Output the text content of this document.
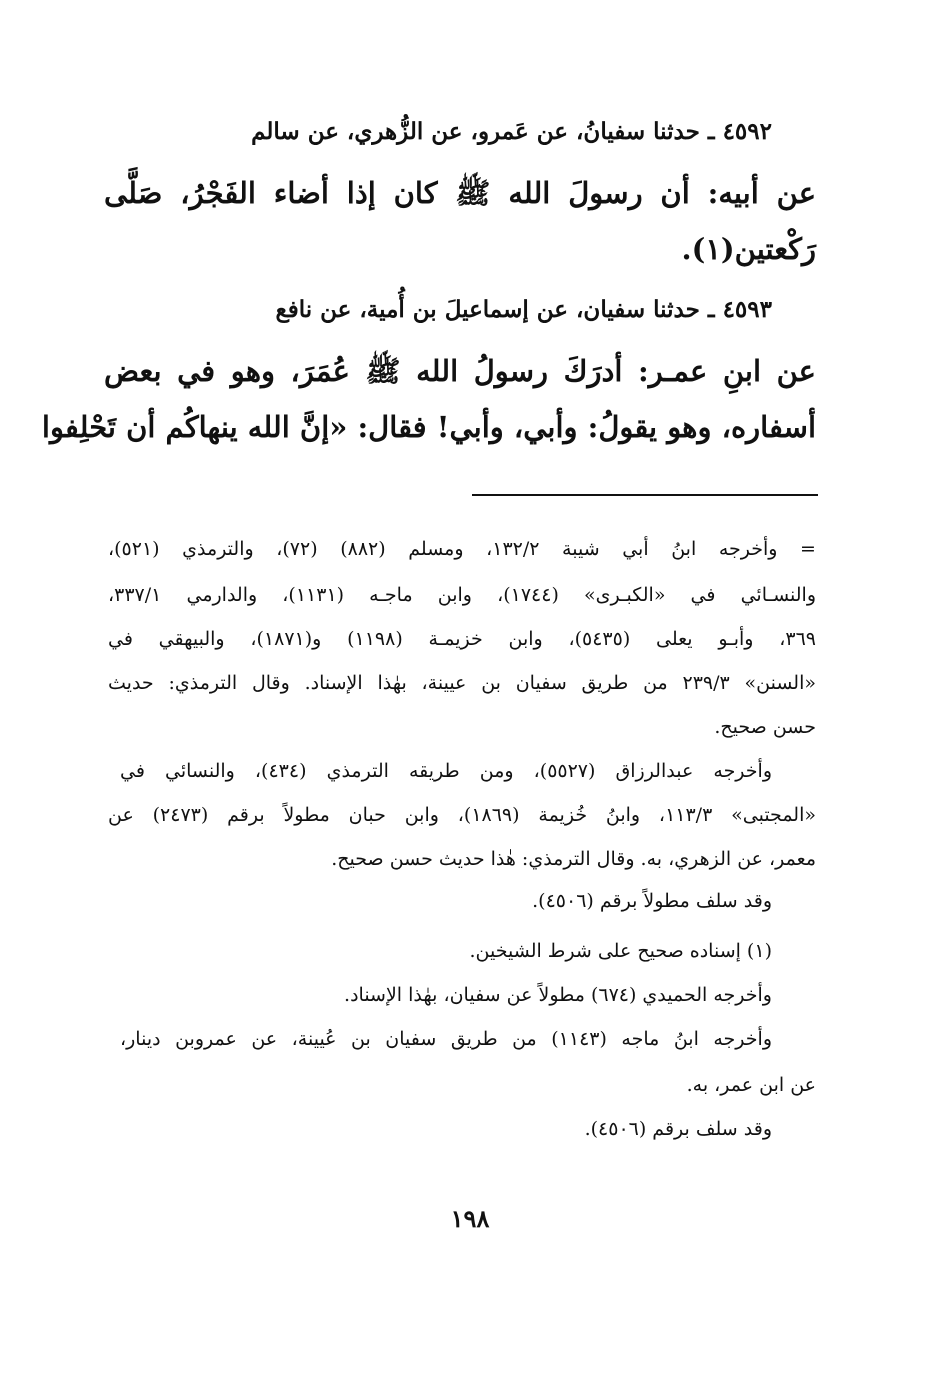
٤٥٩٢ ـ حدثنا سفيانُ، عن عَمرو، عن الزُّهري، عن سالم
عن أبيه: أن رسولَ الله ﷺ كان إذا أضاء الفَجْرُ، صَلَّى
رَكْعتين(١).
٤٥٩٣ ـ حدثنا سفيان، عن إسماعيلَ بن أُمية، عن نافع
عن ابنِ عمـر: أدرَكَ رسولُ الله ﷺ عُمَرَ، وهو في بعض
أسفاره، وهو يقولُ: وأبي، وأبي! فقال: «إنَّ الله ينهاكُم أن تَحْلِفوا
= وأخرجه ابنُ أبي شيبة ١٣٢/٢، ومسلم (٨٨٢) (٧٢)، والترمذي (٥٢١)،
والنسـائي في «الكبـرى» (١٧٤٤)، وابن ماجـه (١١٣١)، والدارمي ٣٣٧/١،
٣٦٩، وأبـو يعلى (٥٤٣٥)، وابن خزيمـة (١١٩٨) و(١٨٧١)، والبيهقي في
«السنن» ٢٣٩/٣ من طريق سفيان بن عيينة، بهٰذا الإسناد. وقال الترمذي: حديث
حسن صحيح.
وأخرجه عبدالرزاق (٥٥٢٧)، ومن طريقه الترمذي (٤٣٤)، والنسائي في
«المجتبى» ١١٣/٣، وابنُ خُزيمة (١٨٦٩)، وابن حبان مطولاً برقم (٢٤٧٣) عن
معمر، عن الزهري، به. وقال الترمذي: هٰذا حديث حسن صحيح.
وقد سلف مطولاً برقم (٤٥٠٦).
(١) إسناده صحيح على شرط الشيخين.
وأخرجه الحميدي (٦٧٤) مطولاً عن سفيان، بهٰذا الإسناد.
وأخرجه ابنُ ماجه (١١٤٣) من طريق سفيان بن عُيينة، عن عمروبن دينار،
عن ابن عمر، به.
وقد سلف برقم (٤٥٠٦).
١٩٨
